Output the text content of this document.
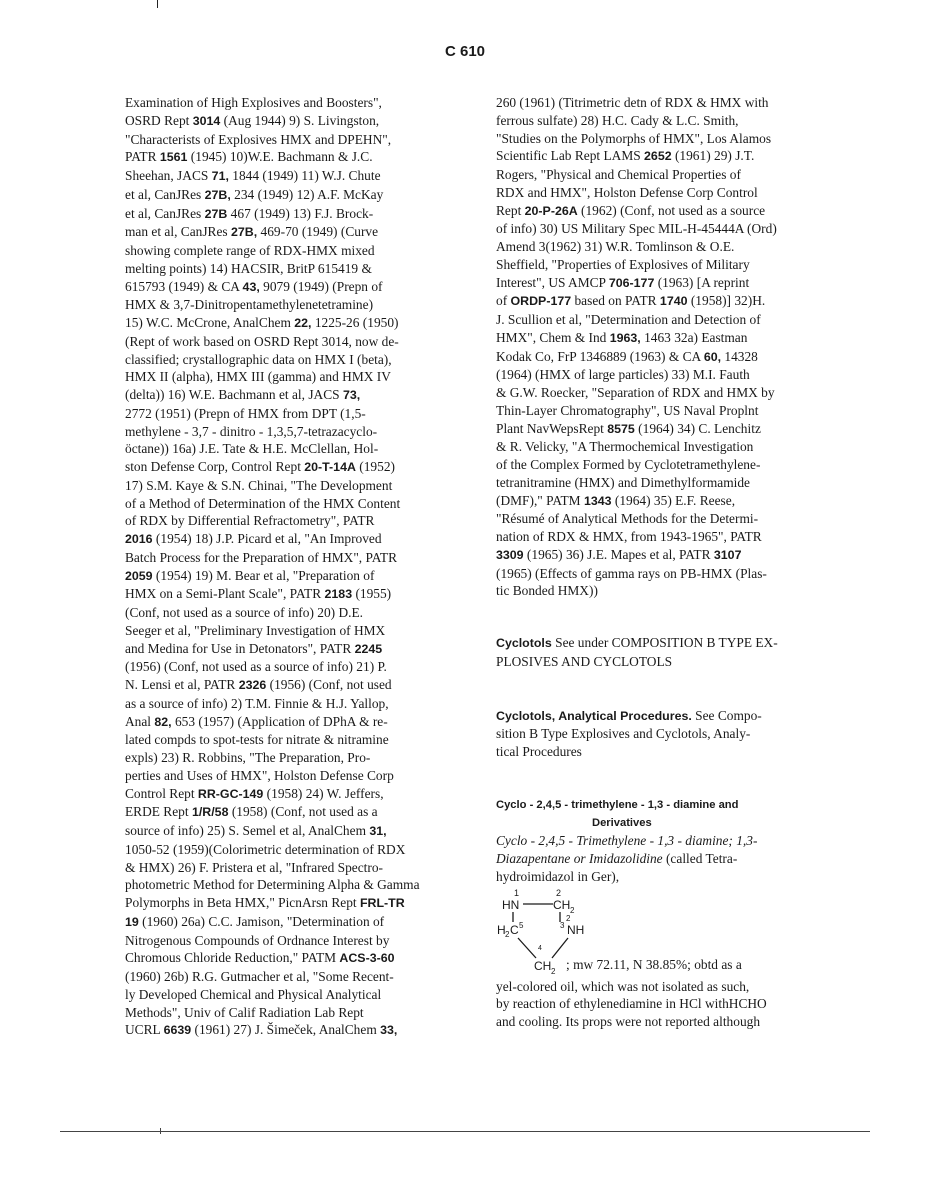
C 610
Examination of High Explosives and Boosters",
OSRD Rept 3014 (Aug 1944) 9) S. Livingston,
"Characterists of Explosives HMX and DPEHN",
PATR 1561 (1945) 10)W.E. Bachmann & J.C.
Sheehan, JACS 71, 1844 (1949) 11) W.J. Chute
et al, CanJRes 27B, 234 (1949) 12) A.F. McKay
et al, CanJRes 27B 467 (1949) 13) F.J. Brock-
man et al, CanJRes 27B, 469-70 (1949) (Curve
showing complete range of RDX-HMX mixed
melting points) 14) HACSIR, BritP 615419 &
615793 (1949) & CA 43, 9079 (1949) (Prepn of
HMX & 3,7-Dinitropentamethylenetetramine)
15) W.C. McCrone, AnalChem 22, 1225-26 (1950)
(Rept of work based on OSRD Rept 3014, now de-
classified; crystallographic data on HMX I (beta),
HMX II (alpha), HMX III (gamma) and HMX IV
(delta)) 16) W.E. Bachmann et al, JACS 73,
2772 (1951) (Prepn of HMX from DPT (1,5-
methylene - 3,7 - dinitro - 1,3,5,7-tetrazacyclo-
öctane)) 16a) J.E. Tate & H.E. McClellan, Hol-
ston Defense Corp, Control Rept 20-T-14A (1952)
17) S.M. Kaye & S.N. Chinai, "The Development
of a Method of Determination of the HMX Content
of RDX by Differential Refractometry", PATR
2016 (1954) 18) J.P. Picard et al, "An Improved
Batch Process for the Preparation of HMX", PATR
2059 (1954) 19) M. Bear et al, "Preparation of
HMX on a Semi-Plant Scale", PATR 2183 (1955)
(Conf, not used as a source of info) 20) D.E.
Seeger et al, "Preliminary Investigation of HMX
and Medina for Use in Detonators", PATR 2245
(1956) (Conf, not used as a source of info) 21) P.
N. Lensi et al, PATR 2326 (1956) (Conf, not used
as a source of info) 2) T.M. Finnie & H.J. Yallop,
Anal 82, 653 (1957) (Application of DPhA & re-
lated compds to spot-tests for nitrate & nitramine
expls) 23) R. Robbins, "The Preparation, Pro-
perties and Uses of HMX", Holston Defense Corp
Control Rept RR-GC-149 (1958) 24) W. Jeffers,
ERDE Rept 1/R/58 (1958) (Conf, not used as a
source of info) 25) S. Semel et al, AnalChem 31,
1050-52 (1959)(Colorimetric determination of RDX
& HMX) 26) F. Pristera et al, "Infrared Spectro-
photometric Method for Determining Alpha & Gamma
Polymorphs in Beta HMX," PicnArsn Rept FRL-TR
19 (1960) 26a) C.C. Jamison, "Determination of
Nitrogenous Compounds of Ordnance Interest by
Chromous Chloride Reduction," PATM ACS-3-60
(1960) 26b) R.G. Gutmacher et al, "Some Recent-
ly Developed Chemical and Physical Analytical
Methods", Univ of Calif Radiation Lab Rept
UCRL 6639 (1961) 27) J. Šimeček, AnalChem 33,
260 (1961) (Titrimetric detn of RDX & HMX with
ferrous sulfate) 28) H.C. Cady & L.C. Smith,
"Studies on the Polymorphs of HMX", Los Alamos
Scientific Lab Rept LAMS 2652 (1961) 29) J.T.
Rogers, "Physical and Chemical Properties of
RDX and HMX", Holston Defense Corp Control
Rept 20-P-26A (1962) (Conf, not used as a source
of info) 30) US Military Spec MIL-H-45444A (Ord)
Amend 3(1962) 31) W.R. Tomlinson & O.E.
Sheffield, "Properties of Explosives of Military
Interest", US AMCP 706-177 (1963) [A reprint
of ORDP-177 based on PATR 1740 (1958)] 32)H.
J. Scullion et al, "Determination and Detection of
HMX", Chem & Ind 1963, 1463 32a) Eastman
Kodak Co, FrP 1346889 (1963) & CA 60, 14328
(1964) (HMX of large particles) 33) M.I. Fauth
& G.W. Roecker, "Separation of RDX and HMX by
Thin-Layer Chromatography", US Naval Proplnt
Plant NavWepsRept 8575 (1964) 34) C. Lenchitz
& R. Velicky, "A Thermochemical Investigation
of the Complex Formed by Cyclotetramethylene-
tetranitramine (HMX) and Dimethylformamide
(DMF)," PATM 1343 (1964) 35) E.F. Reese,
"Résumé of Analytical Methods for the Determi-
nation of RDX & HMX, from 1943-1965", PATR
3309 (1965) 36) J.E. Mapes et al, PATR 3107
(1965) (Effects of gamma rays on PB-HMX (Plas-
tic Bonded HMX))
Cyclotols See under COMPOSITION B TYPE EX-
PLOSIVES AND CYCLOTOLS
Cyclotols, Analytical Procedures. See Compo-
sition B Type Explosives and Cyclotols, Analy-
tical Procedures
Cyclo - 2,4,5 - trimethylene - 1,3 - diamine and
Derivatives
Cyclo - 2,4,5 - Trimethylene - 1,3 - diamine; 1,3-
Diazapentane or Imidazolidine (called Tetra-
hydroimidazol in Ger),
1	2
HN	CH 2
2
H 2 C 5	3 NH
4
CH 2 ; mw 72.11, N 38.85%; obtd as a
yel-colored oil, which was not isolated as such,
by reaction of ethylenediamine in HCl withHCHO
and cooling. Its props were not reported although
